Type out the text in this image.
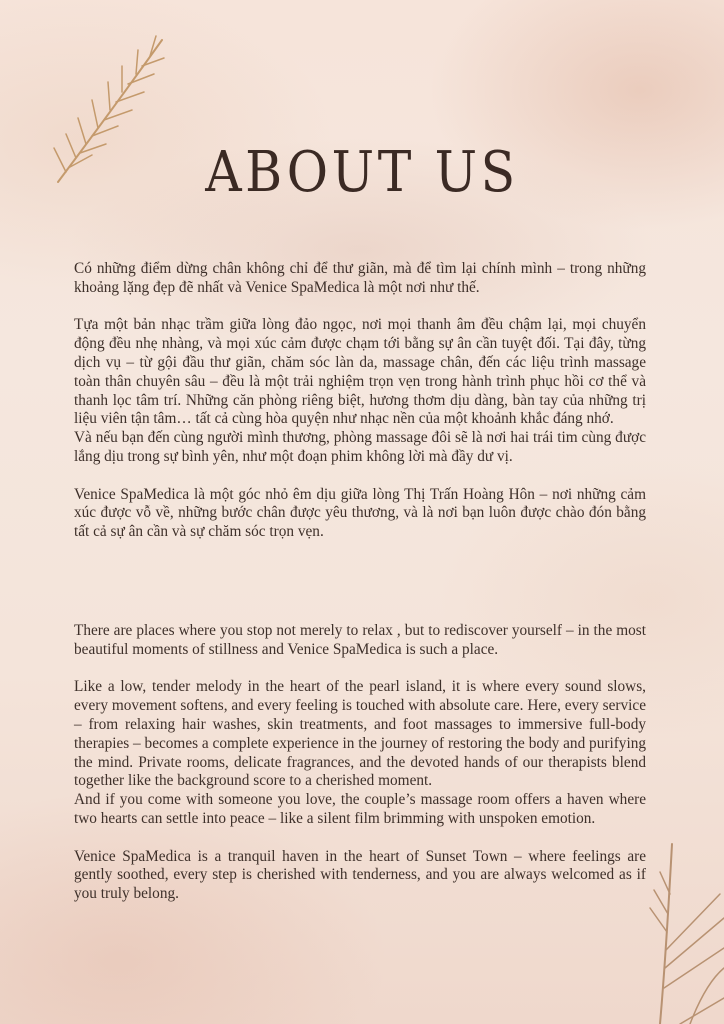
ABOUT US

Có những điểm dừng chân không chỉ để thư giãn, mà để tìm lại chính mình – trong những khoảng lặng đẹp đẽ nhất và Venice SpaMedica là một nơi như thế.

Tựa một bản nhạc trầm giữa lòng đảo ngọc, nơi mọi thanh âm đều chậm lại, mọi chuyển động đều nhẹ nhàng, và mọi xúc cảm được chạm tới bằng sự ân cần tuyệt đối. Tại đây, từng dịch vụ – từ gội đầu thư giãn, chăm sóc làn da, massage chân, đến các liệu trình massage toàn thân chuyên sâu – đều là một trải nghiệm trọn vẹn trong hành trình phục hồi cơ thể và thanh lọc tâm trí. Những căn phòng riêng biệt, hương thơm dịu dàng, bàn tay của những trị liệu viên tận tâm… tất cả cùng hòa quyện như nhạc nền của một khoảnh khắc đáng nhớ.

Và nếu bạn đến cùng người mình thương, phòng massage đôi sẽ là nơi hai trái tim cùng được lắng dịu trong sự bình yên, như một đoạn phim không lời mà đầy dư vị.

Venice SpaMedica là một góc nhỏ êm dịu giữa lòng Thị Trấn Hoàng Hôn – nơi những cảm xúc được vỗ về, những bước chân được yêu thương, và là nơi bạn luôn được chào đón bằng tất cả sự ân cần và sự chăm sóc trọn vẹn.

There are places where you stop not merely to relax , but to rediscover yourself – in the most beautiful moments of stillness and Venice SpaMedica is such a place.

Like a low, tender melody in the heart of the pearl island, it is where every sound slows, every movement softens, and every feeling is touched with absolute care. Here, every service – from relaxing hair washes, skin treatments, and foot massages to immersive full-body therapies – becomes a complete experience in the journey of restoring the body and purifying the mind. Private rooms, delicate fragrances, and the devoted hands of our therapists blend together like the background score to a cherished moment.

And if you come with someone you love, the couple’s massage room offers a haven where two hearts can settle into peace – like a silent film brimming with unspoken emotion.

Venice SpaMedica is a tranquil haven in the heart of Sunset Town – where feelings are gently soothed, every step is cherished with tenderness, and you are always welcomed as if you truly belong.
